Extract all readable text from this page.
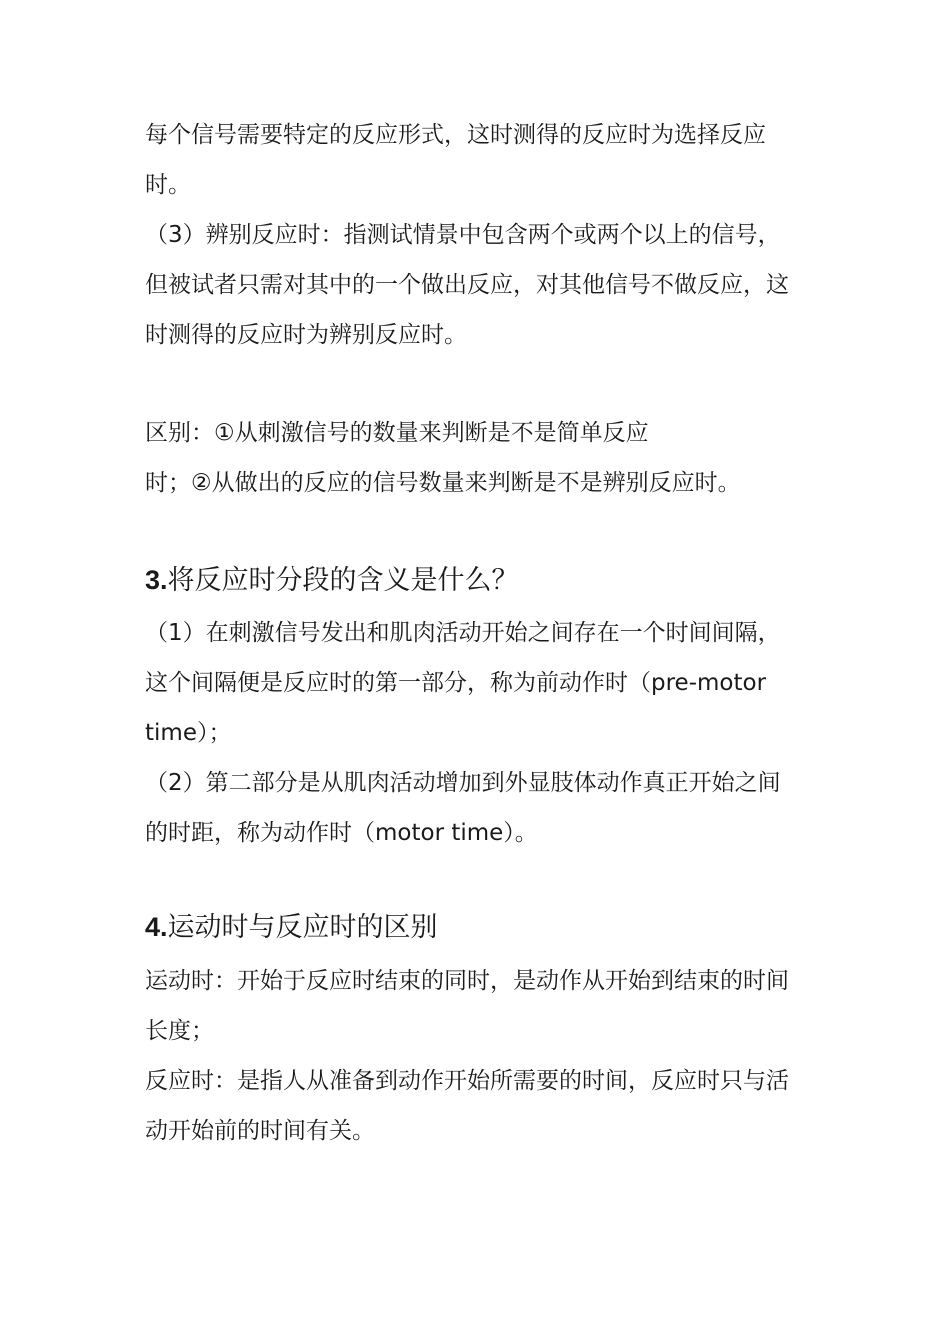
每个信号需要特定的反应形式，这时测得的反应时为选择反应
时。
（3）辨别反应时：指测试情景中包含两个或两个以上的信号，
但被试者只需对其中的一个做出反应，对其他信号不做反应，这
时测得的反应时为辨别反应时。
区别：①从刺激信号的数量来判断是不是简单反应
时；②从做出的反应的信号数量来判断是不是辨别反应时。
3.将反应时分段的含义是什么？
（1）在刺激信号发出和肌肉活动开始之间存在一个时间间隔，
这个间隔便是反应时的第一部分，称为前动作时（pre-motor
time）；
（2）第二部分是从肌肉活动增加到外显肢体动作真正开始之间
的时距，称为动作时（motor time）。
4.运动时与反应时的区别
运动时：开始于反应时结束的同时，是动作从开始到结束的时间
长度；
反应时：是指人从准备到动作开始所需要的时间，反应时只与活
动开始前的时间有关。
